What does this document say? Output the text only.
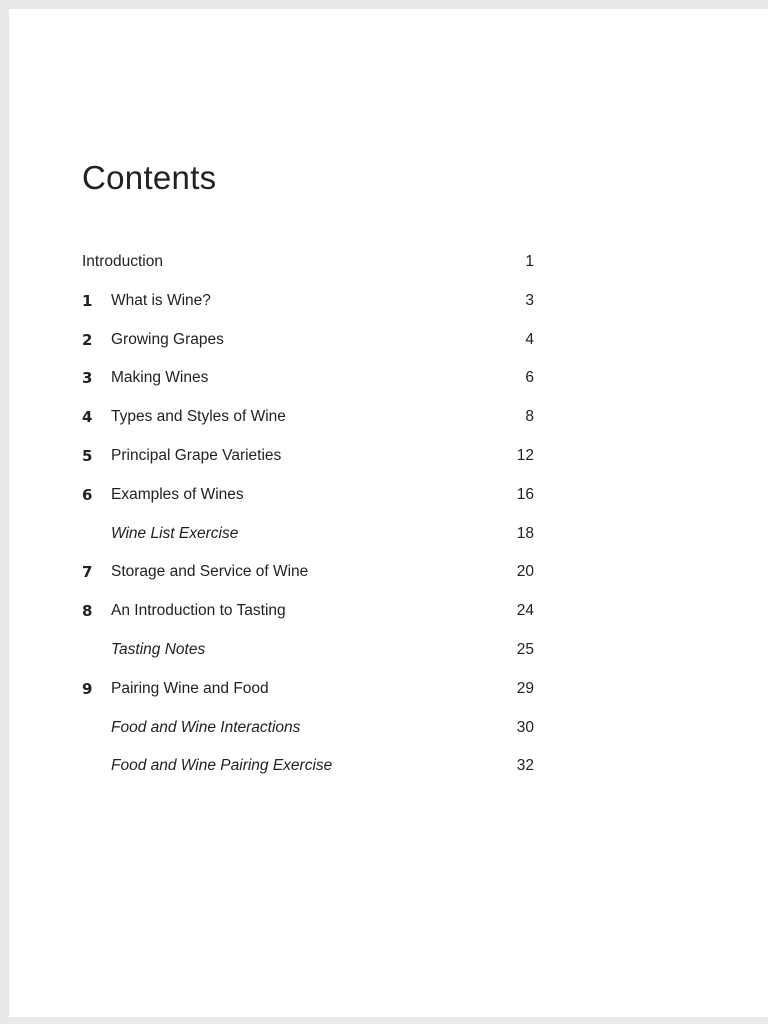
Contents
Introduction	1
1 What is Wine?	3
2 Growing Grapes	4
3 Making Wines	6
4 Types and Styles of Wine	8
5 Principal Grape Varieties	12
6 Examples of Wines	16
Wine List Exercise	18
7 Storage and Service of Wine	20
8 An Introduction to Tasting	24
Tasting Notes	25
9 Pairing Wine and Food	29
Food and Wine Interactions	30
Food and Wine Pairing Exercise	32
